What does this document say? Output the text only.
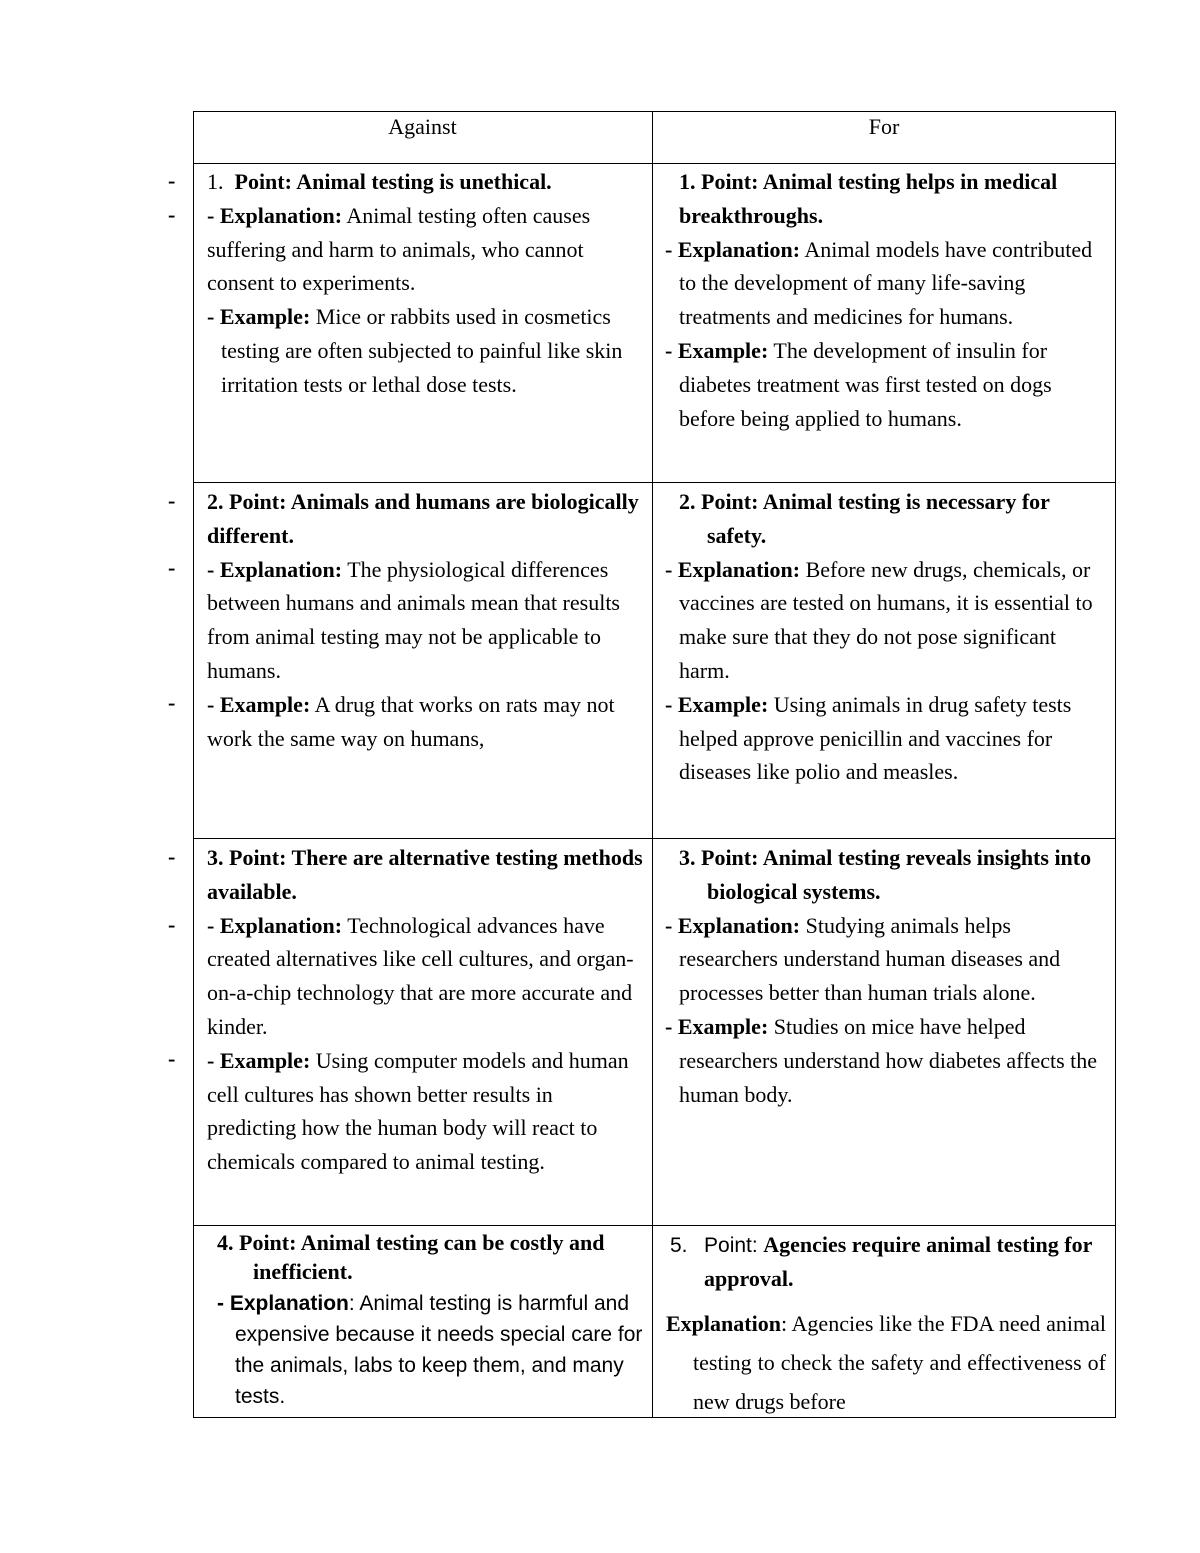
-
-
-
-
-
-
-
-
Against	For

1. Point: Animal testing is unethical.

- Explanation: Animal testing often causes suffering and harm to animals, who cannot consent to experiments.

- Example: Mice or rabbits used in cosmetics testing are often subjected to painful like skin irritation tests or lethal dose tests.

1. Point: Animal testing helps in medical breakthroughs.

- Explanation: Animal models have contributed to the development of many life-saving treatments and medicines for humans.

- Example: The development of insulin for diabetes treatment was first tested on dogs before being applied to humans.

2. Point: Animals and humans are biologically different.

- Explanation: The physiological differences between humans and animals mean that results from animal testing may not be applicable to humans.

- Example: A drug that works on rats may not work the same way on humans,

2. Point: Animal testing is necessary for safety.

- Explanation: Before new drugs, chemicals, or vaccines are tested on humans, it is essential to make sure that they do not pose significant harm.

- Example: Using animals in drug safety tests helped approve penicillin and vaccines for diseases like polio and measles.

3. Point: There are alternative testing methods available.

- Explanation: Technological advances have created alternatives like cell cultures, and organ-on-a-chip technology that are more accurate and kinder.

- Example: Using computer models and human cell cultures has shown better results in predicting how the human body will react to chemicals compared to animal testing.

3. Point: Animal testing reveals insights into biological systems.

- Explanation: Studying animals helps researchers understand human diseases and processes better than human trials alone.

- Example: Studies on mice have helped researchers understand how diabetes affects the human body.

4. Point: Animal testing can be costly and inefficient.

- Explanation: Animal testing is harmful and expensive because it needs special care for the animals, labs to keep them, and many tests.

5. Point: Agencies require animal testing for approval.

Explanation: Agencies like the FDA need animal testing to check the safety and effectiveness of new drugs before
